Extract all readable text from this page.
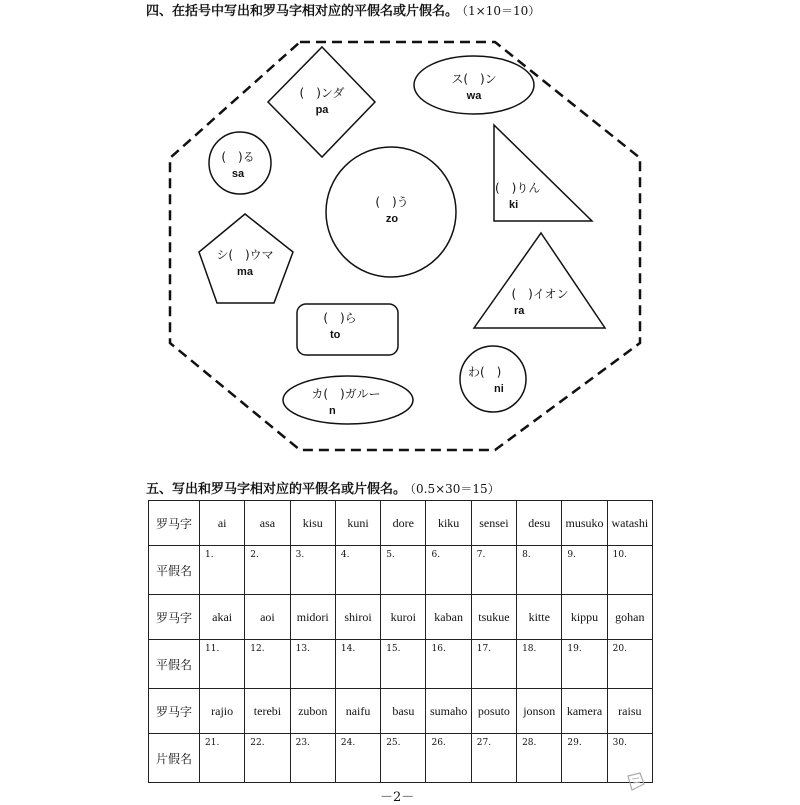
四、在括号中写出和罗马字相对应的平假名或片假名。 （1×10＝10）
(　)ンダ
pa
ス(　)ン
wa
(　)る
sa
(　)う
zo
(　)りん
ki
シ(　)ウマ
ma
(　)イオン
ra
(　)ら
to
わ(　)
ni
カ(　)ガルー
n
五、写出和罗马字相对应的平假名或片假名。 （0.5×30＝15）
罗马字	ai	asa	kisu	kuni	dore	kiku	sensei	desu	musuko	watashi
平假名	1.	2.	3.	4.	5.	6.	7.	8.	9.	10.
罗马字	akai	aoi	midori	shiroi	kuroi	kaban	tsukue	kitte	kippu	gohan
平假名	11.	12.	13.	14.	15.	16.	17.	18.	19.	20.
罗马字	rajio	terebi	zubon	naifu	basu	sumaho	posuto	jonson	kamera	raisu
片假名	21.	22.	23.	24.	25.	26.	27.	28.	29.	30.
－2－
